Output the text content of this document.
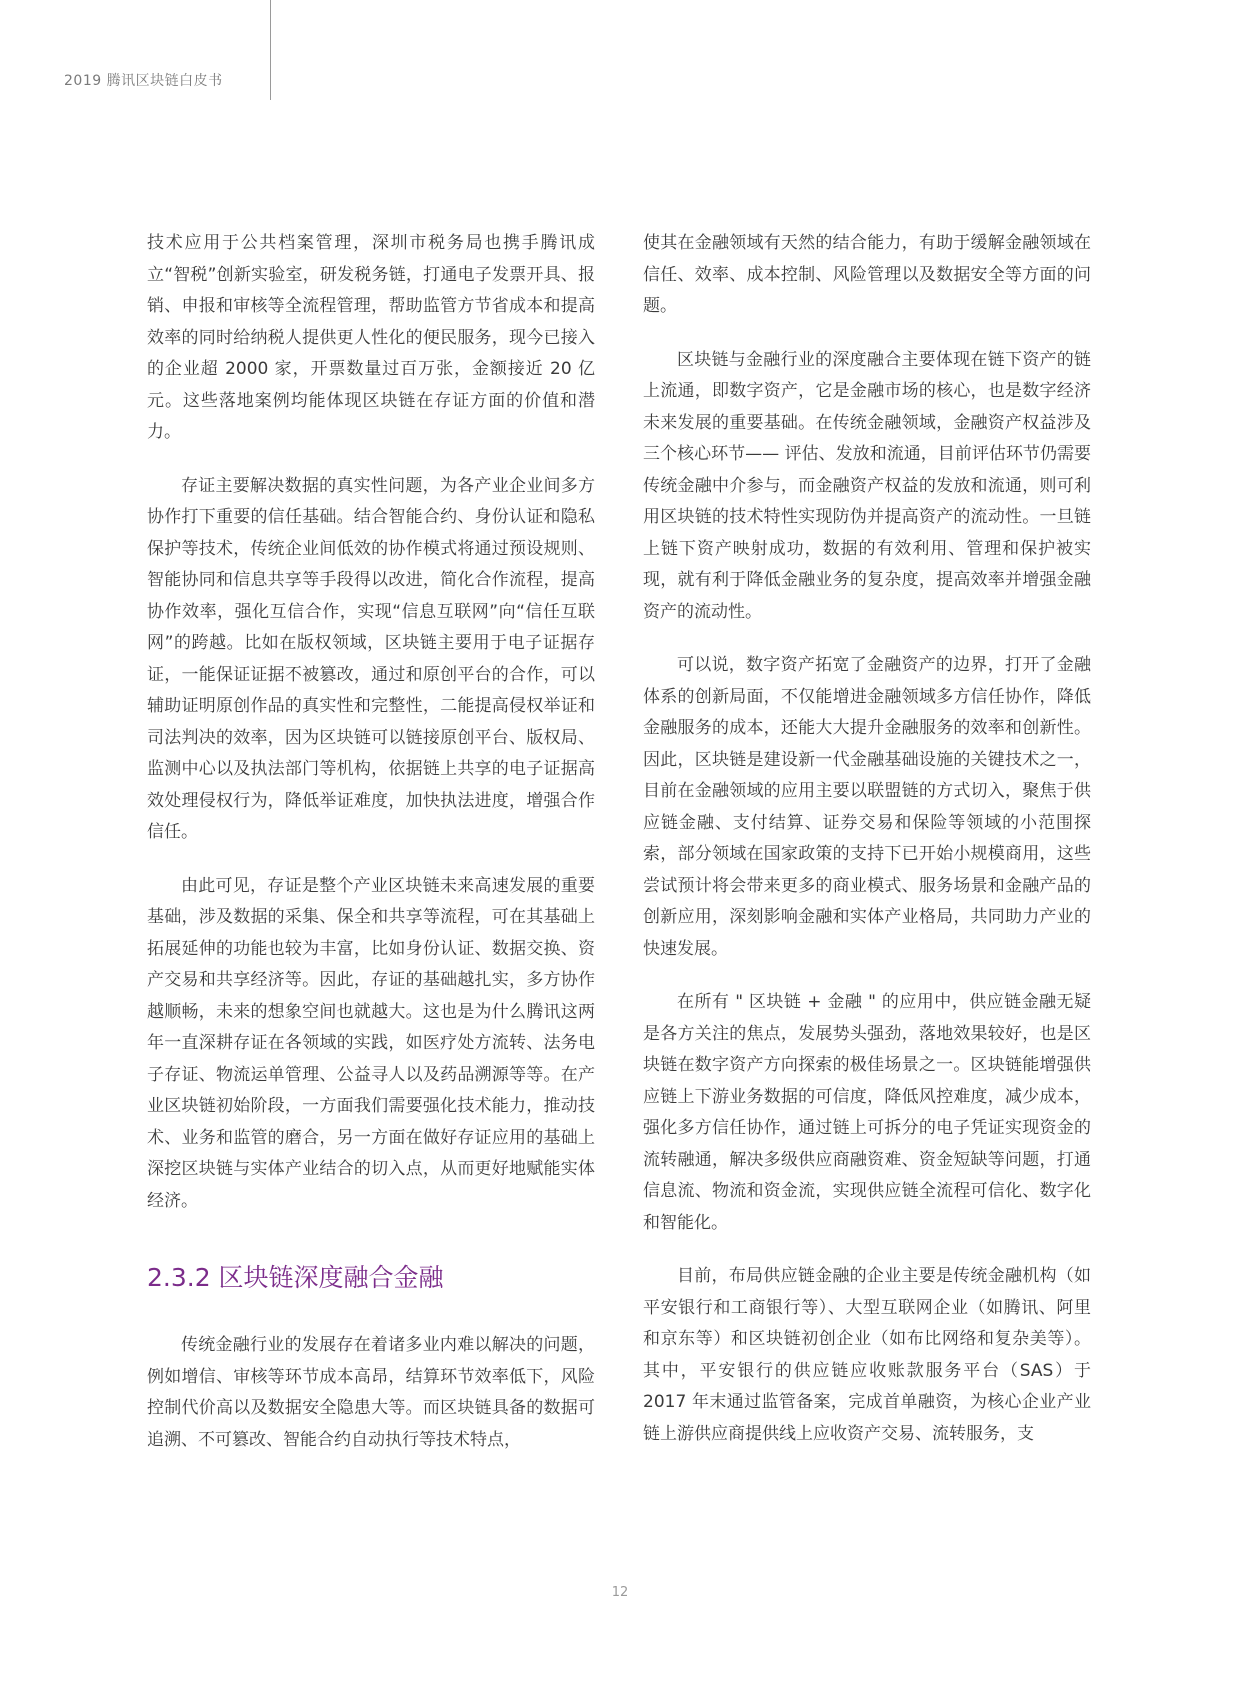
2019 腾讯区块链白皮书

技术应用于公共档案管理，深圳市税务局也携手腾讯成立“智税”创新实验室，研发税务链，打通电子发票开具、报销、申报和审核等全流程管理，帮助监管方节省成本和提高效率的同时给纳税人提供更人性化的便民服务，现今已接入的企业超 2000 家，开票数量过百万张，金额接近 20 亿元。这些落地案例均能体现区块链在存证方面的价值和潜力。

存证主要解决数据的真实性问题，为各产业企业间多方协作打下重要的信任基础。结合智能合约、身份认证和隐私保护等技术，传统企业间低效的协作模式将通过预设规则、智能协同和信息共享等手段得以改进，简化合作流程，提高协作效率，强化互信合作，实现“信息互联网”向“信任互联网”的跨越。比如在版权领域，区块链主要用于电子证据存证，一能保证证据不被篡改，通过和原创平台的合作，可以辅助证明原创作品的真实性和完整性，二能提高侵权举证和司法判决的效率，因为区块链可以链接原创平台、版权局、监测中心以及执法部门等机构，依据链上共享的电子证据高效处理侵权行为，降低举证难度，加快执法进度，增强合作信任。

由此可见，存证是整个产业区块链未来高速发展的重要基础，涉及数据的采集、保全和共享等流程，可在其基础上拓展延伸的功能也较为丰富，比如身份认证、数据交换、资产交易和共享经济等。因此，存证的基础越扎实，多方协作越顺畅，未来的想象空间也就越大。这也是为什么腾讯这两年一直深耕存证在各领域的实践，如医疗处方流转、法务电子存证、物流运单管理、公益寻人以及药品溯源等等。在产业区块链初始阶段，一方面我们需要强化技术能力，推动技术、业务和监管的磨合，另一方面在做好存证应用的基础上深挖区块链与实体产业结合的切入点，从而更好地赋能实体经济。

2.3.2 区块链深度融合金融

传统金融行业的发展存在着诸多业内难以解决的问题，例如增信、审核等环节成本高昂，结算环节效率低下，风险控制代价高以及数据安全隐患大等。而区块链具备的数据可追溯、不可篡改、智能合约自动执行等技术特点，

使其在金融领域有天然的结合能力，有助于缓解金融领域在信任、效率、成本控制、风险管理以及数据安全等方面的问题。

区块链与金融行业的深度融合主要体现在链下资产的链上流通，即数字资产，它是金融市场的核心，也是数字经济未来发展的重要基础。在传统金融领域，金融资产权益涉及三个核心环节—— 评估、发放和流通，目前评估环节仍需要传统金融中介参与，而金融资产权益的发放和流通，则可利用区块链的技术特性实现防伪并提高资产的流动性。一旦链上链下资产映射成功，数据的有效利用、管理和保护被实现，就有利于降低金融业务的复杂度，提高效率并增强金融资产的流动性。

可以说，数字资产拓宽了金融资产的边界，打开了金融体系的创新局面，不仅能增进金融领域多方信任协作，降低金融服务的成本，还能大大提升金融服务的效率和创新性。因此，区块链是建设新一代金融基础设施的关键技术之一，目前在金融领域的应用主要以联盟链的方式切入，聚焦于供应链金融、支付结算、证券交易和保险等领域的小范围探索，部分领域在国家政策的支持下已开始小规模商用，这些尝试预计将会带来更多的商业模式、服务场景和金融产品的创新应用，深刻影响金融和实体产业格局，共同助力产业的快速发展。

在所有 " 区块链 + 金融 " 的应用中，供应链金融无疑是各方关注的焦点，发展势头强劲，落地效果较好，也是区块链在数字资产方向探索的极佳场景之一。区块链能增强供应链上下游业务数据的可信度，降低风控难度，减少成本，强化多方信任协作，通过链上可拆分的电子凭证实现资金的流转融通，解决多级供应商融资难、资金短缺等问题，打通信息流、物流和资金流，实现供应链全流程可信化、数字化和智能化。

目前，布局供应链金融的企业主要是传统金融机构（如平安银行和工商银行等）、大型互联网企业（如腾讯、阿里和京东等）和区块链初创企业（如布比网络和复杂美等）。其中，平安银行的供应链应收账款服务平台（SAS）于 2017 年末通过监管备案，完成首单融资，为核心企业产业链上游供应商提供线上应收资产交易、流转服务，支

12
